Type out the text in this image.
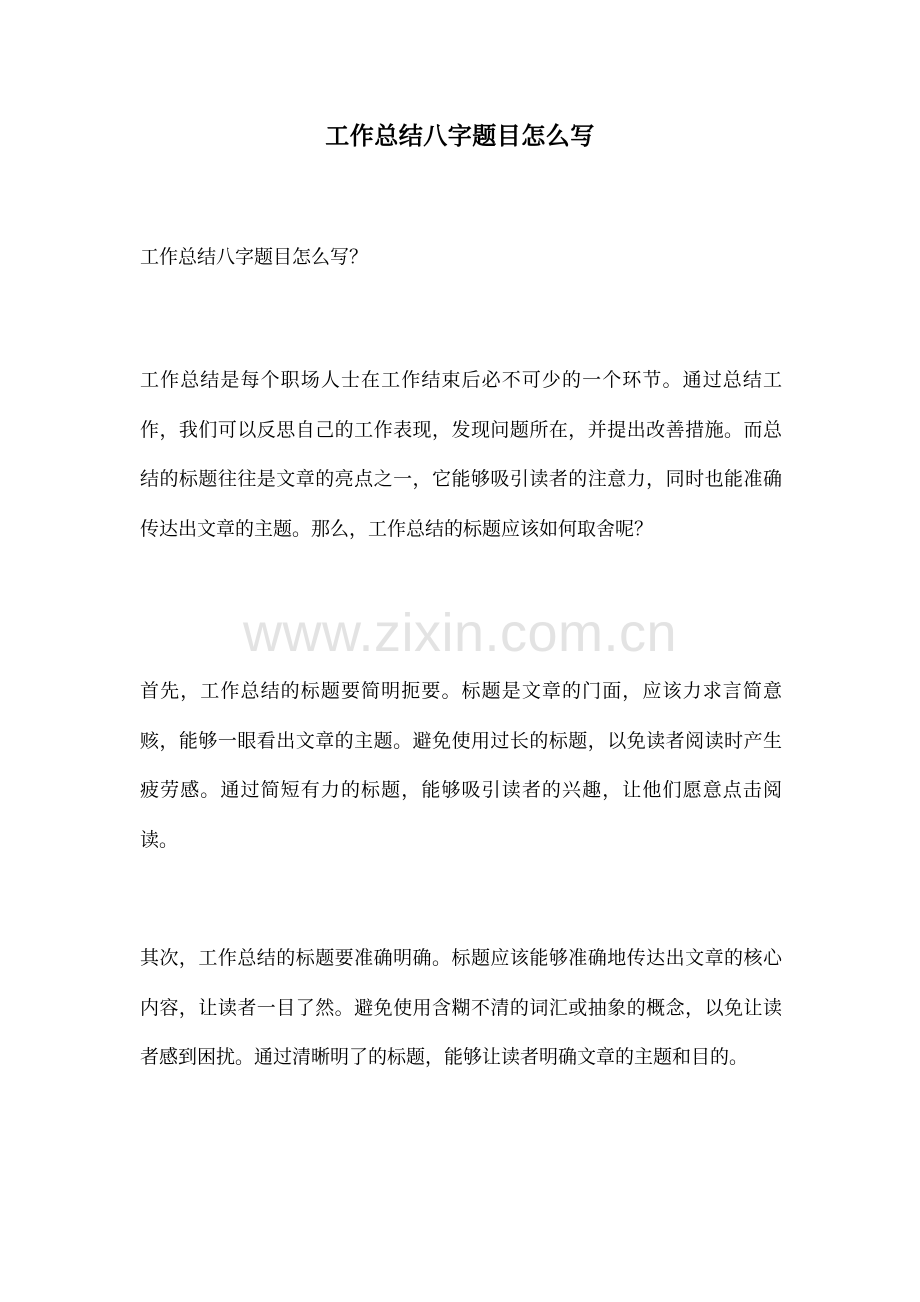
工作总结八字题目怎么写

工作总结八字题目怎么写？

工作总结是每个职场人士在工作结束后必不可少的一个环节。通过总结工作，我们可以反思自己的工作表现，发现问题所在，并提出改善措施。而总结的标题往往是文章的亮点之一，它能够吸引读者的注意力，同时也能准确传达出文章的主题。那么，工作总结的标题应该如何取舍呢？

www.zixin.com.cn

首先，工作总结的标题要简明扼要。标题是文章的门面，应该力求言简意赅，能够一眼看出文章的主题。避免使用过长的标题，以免读者阅读时产生疲劳感。通过简短有力的标题，能够吸引读者的兴趣，让他们愿意点击阅读。

其次，工作总结的标题要准确明确。标题应该能够准确地传达出文章的核心内容，让读者一目了然。避免使用含糊不清的词汇或抽象的概念，以免让读者感到困扰。通过清晰明了的标题，能够让读者明确文章的主题和目的。
